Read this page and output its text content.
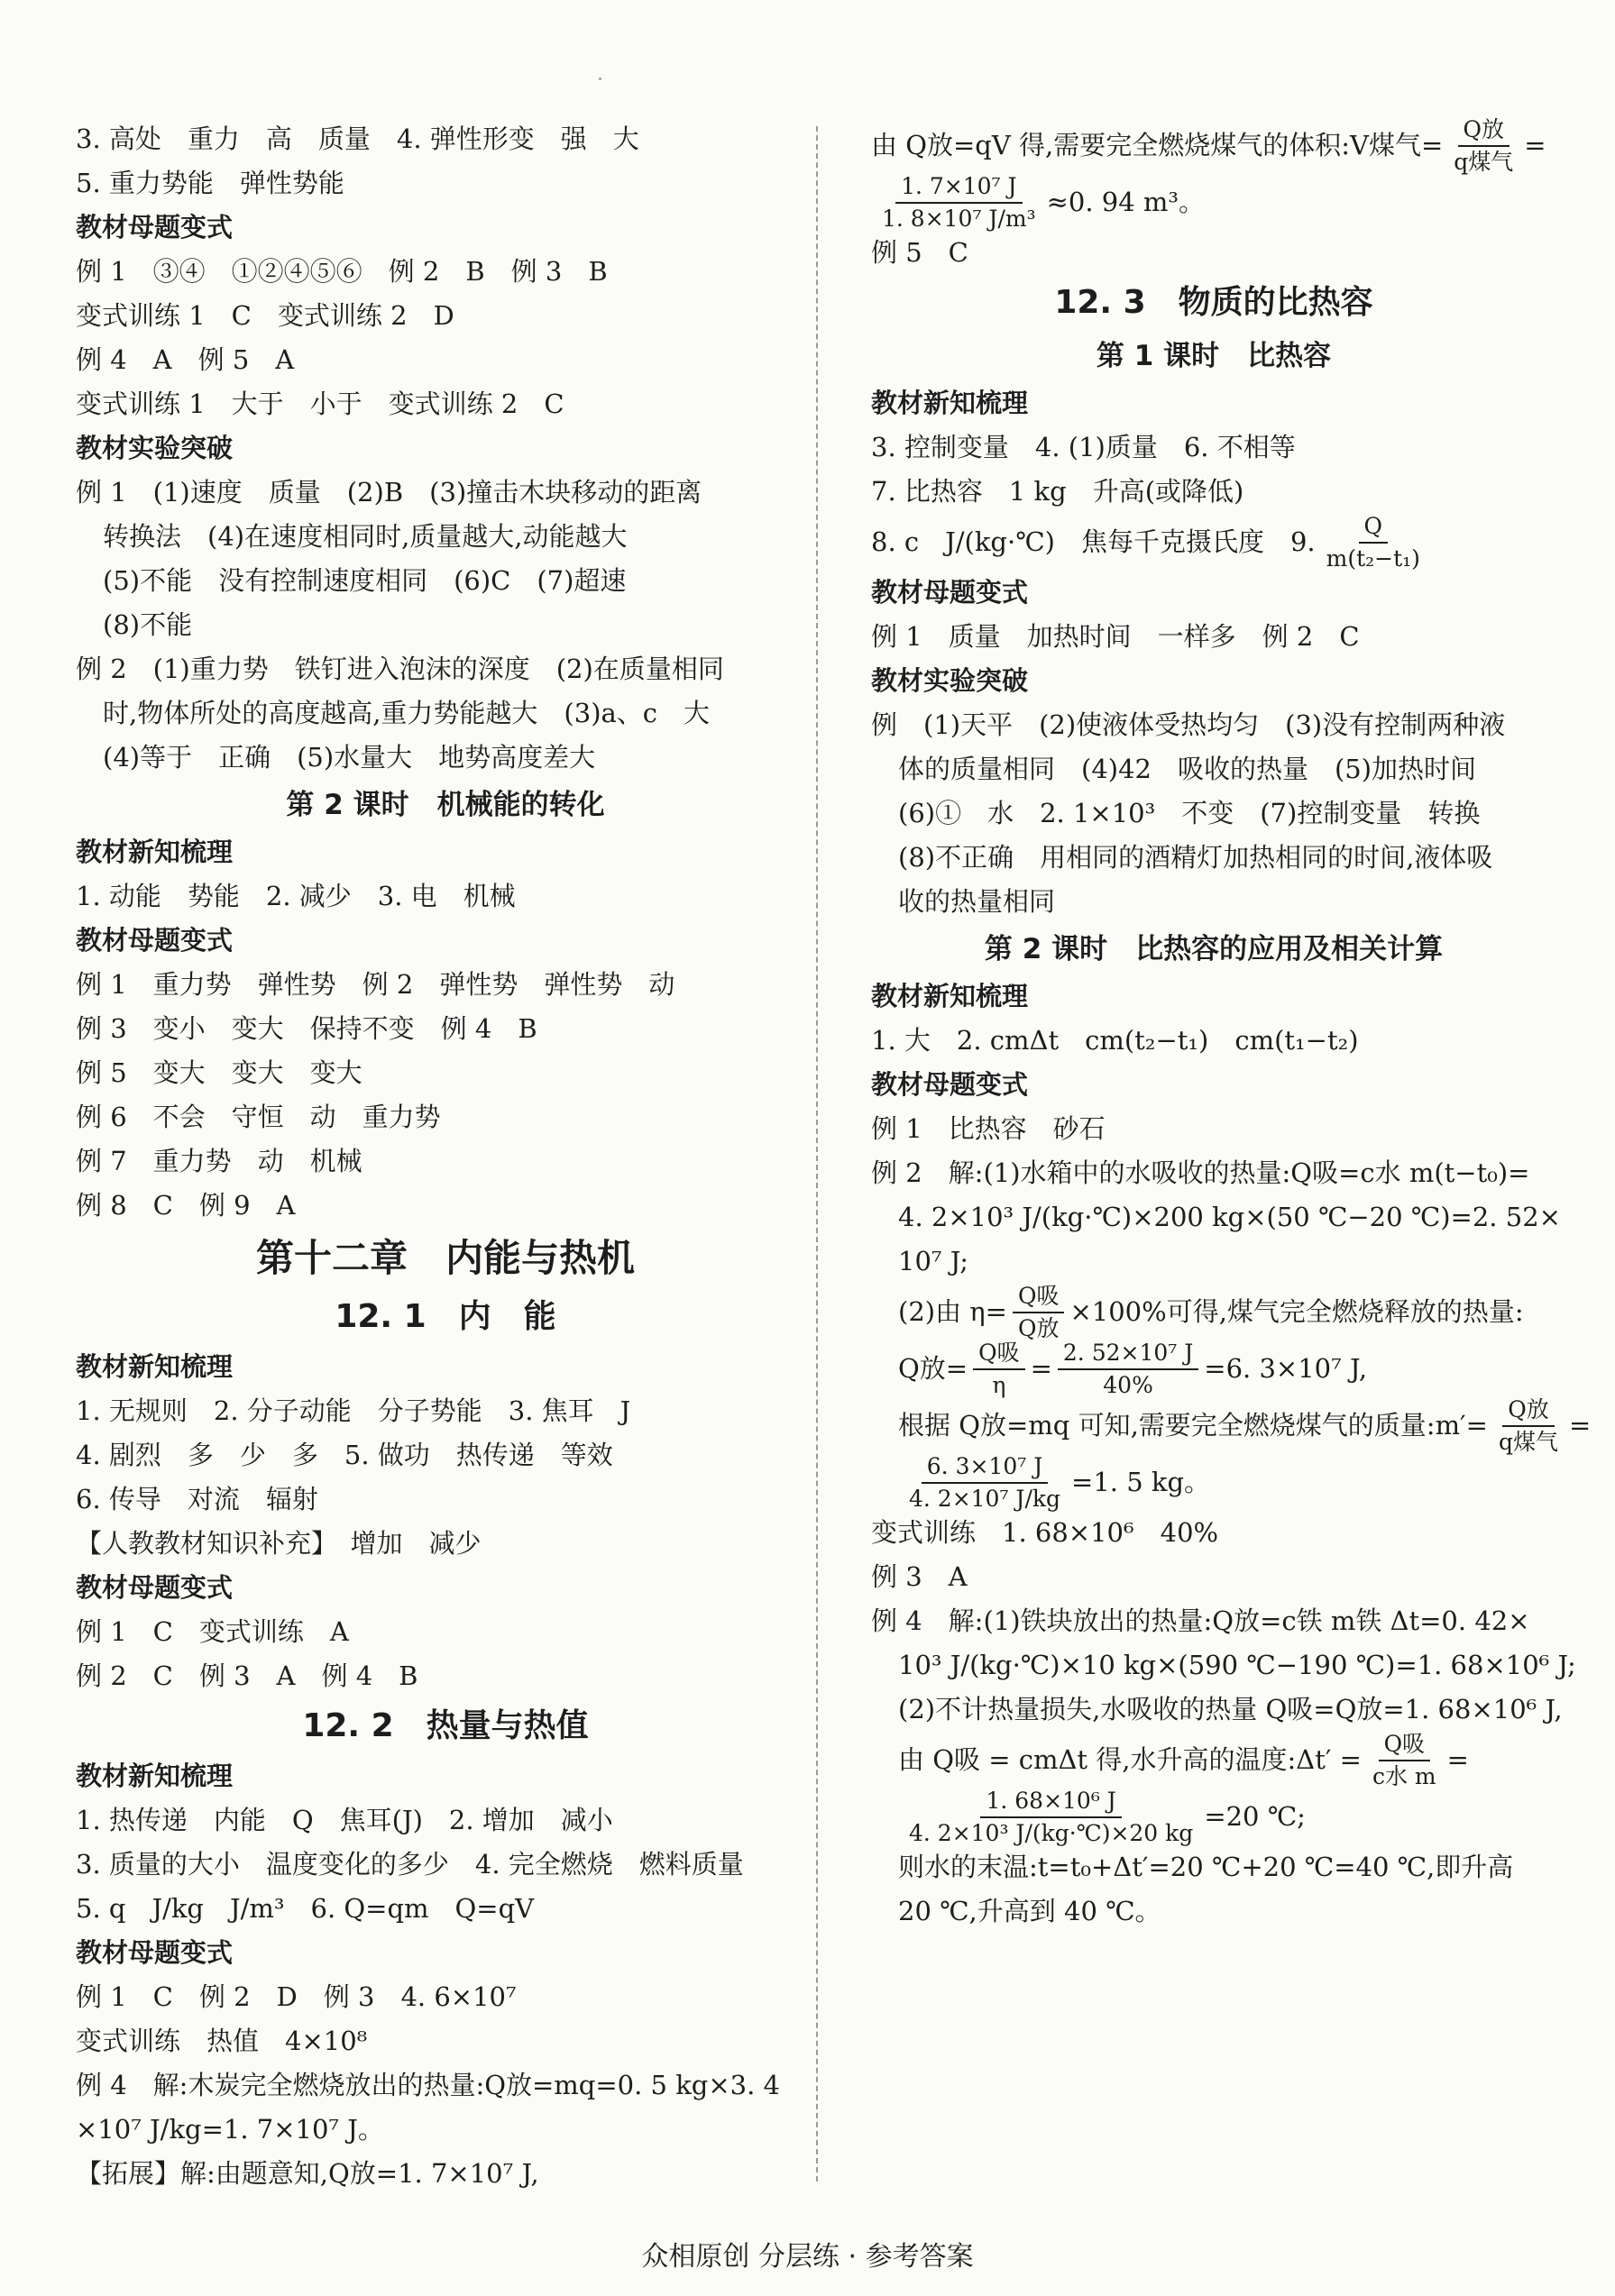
3. 高处　重力　高　质量　4. 弹性形变　强　大
5. 重力势能　弹性势能
教材母题变式
例 1　③④　①②④⑤⑥　例 2　B　例 3　B
变式训练 1　C　变式训练 2　D
例 4　A　例 5　A
变式训练 1　大于　小于　变式训练 2　C
教材实验突破
例 1　(1)速度　质量　(2)B　(3)撞击木块移动的距离
转换法　(4)在速度相同时,质量越大,动能越大
(5)不能　没有控制速度相同　(6)C　(7)超速
(8)不能
例 2　(1)重力势　铁钉进入泡沫的深度　(2)在质量相同
时,物体所处的高度越高,重力势能越大　(3)a、c　大
(4)等于　正确　(5)水量大　地势高度差大
第 2 课时　机械能的转化
教材新知梳理
1. 动能　势能　2. 减少　3. 电　机械
教材母题变式
例 1　重力势　弹性势　例 2　弹性势　弹性势　动
例 3　变小　变大　保持不变　例 4　B
例 5　变大　变大　变大
例 6　不会　守恒　动　重力势
例 7　重力势　动　机械
例 8　C　例 9　A
第十二章　内能与热机
12. 1　内　能
教材新知梳理
1. 无规则　2. 分子动能　分子势能　3. 焦耳　J
4. 剧烈　多　少　多　5. 做功　热传递　等效
6. 传导　对流　辐射
【人教教材知识补充】　增加　减少
教材母题变式
例 1　C　变式训练　A
例 2　C　例 3　A　例 4　B
12. 2　热量与热值
教材新知梳理
1. 热传递　内能　Q　焦耳(J)　2. 增加　减小
3. 质量的大小　温度变化的多少　4. 完全燃烧　燃料质量
5. q　J/kg　J/m³　6. Q=qm　Q=qV
教材母题变式
例 1　C　例 2　D　例 3　4. 6×10⁷
变式训练　热值　4×10⁸
例 4　解:木炭完全燃烧放出的热量:Q放=mq=0. 5 kg×3. 4
×10⁷ J/kg=1. 7×10⁷ J。
【拓展】解:由题意知,Q放=1. 7×10⁷ J,
由 Q放=qV 得,需要完全燃烧煤气的体积:V煤气= $\frac{\text{Q放}}{\text{q煤气}}$ =
$\frac{\text{1. 7×10⁷ J}}{\text{1. 8×10⁷ J/m³}} \approx 0$. 94 m³。
例 5　C
12. 3　物质的比热容
第 1 课时　比热容
教材新知梳理
3. 控制变量　4. (1)质量　6. 不相等
7. 比热容　1 kg　升高(或降低)
8. c　J/(kg·℃)　焦每千克摄氏度　9. $\frac{Q}{\text{m(t₂−t₁)}}$
教材母题变式
例 1　质量　加热时间　一样多　例 2　C
教材实验突破
例　(1)天平　(2)使液体受热均匀　(3)没有控制两种液
体的质量相同　(4)42　吸收的热量　(5)加热时间
(6)①　水　2. 1×10³　不变　(7)控制变量　转换
(8)不正确　用相同的酒精灯加热相同的时间,液体吸
收的热量相同
第 2 课时　比热容的应用及相关计算
教材新知梳理
1. 大　2. cmΔt　cm(t₂−t₁)　cm(t₁−t₂)
教材母题变式
例 1　比热容　砂石
例 2　解:(1)水箱中的水吸收的热量:Q吸=c水 m(t−t₀)=
4. 2×10³ J/(kg·℃)×200 kg×(50 ℃−20 ℃)=2. 52×
10⁷ J;
(2)由 $\eta= \frac{\text{Q吸}}{\text{Q放}} \times 100\%$可得,煤气完全燃烧释放的热量:
Q放= $\frac{\text{Q吸}}{\eta} = \frac{\text{2. 52×10⁷ J}}{40\%} =6$. 3×10⁷ J,
根据 Q放=mq 可知,需要完全燃烧煤气的质量:m′= $\frac{\text{Q放}}{\text{q煤气}}$ =
$\frac{\text{6. 3×10⁷ J}}{\text{4. 2×10⁷ J/kg}} =1$. 5 kg。
变式训练　1. 68×10⁶　40%
例 3　A
例 4　解:(1)铁块放出的热量:Q放=c铁 m铁 Δt=0. 42×
10³ J/(kg·℃)×10 kg×(590 ℃−190 ℃)=1. 68×10⁶ J;
(2)不计热量损失,水吸收的热量 Q吸=Q放=1. 68×10⁶ J,
由 Q吸 = cmΔt 得,水升高的温度:Δt′ = $\frac{\text{Q吸}}{\text{c水 m}}$ =
$\frac{\text{1. 68×10⁶ J}}{\text{4. 2×10³ J/(kg·℃)×20 kg}} =20$ ℃;
则水的末温:t=t₀+Δt′=20 ℃+20 ℃=40 ℃,即升高
20 ℃,升高到 40 ℃。
众相原创 分层练 · 参考答案
